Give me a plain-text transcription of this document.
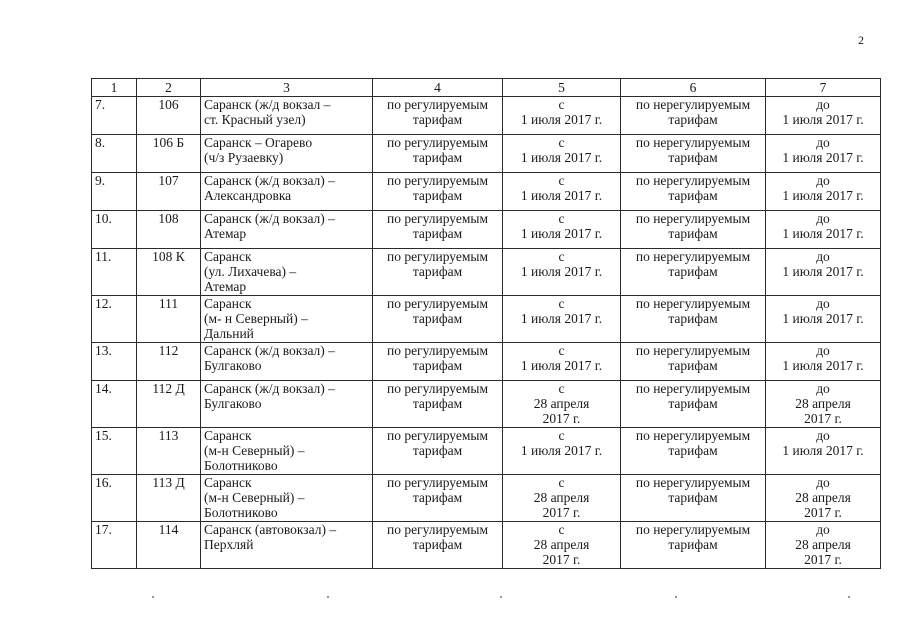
2
1	2	3	4	5	6	7
7.	106	Саранск (ж/д вокзал –
ст. Красный узел)	по регулируемым
тарифам	с
1 июля 2017 г.	по нерегулируемым
тарифам	до
1 июля 2017 г.

8.	106 Б	Саранск – Огарево
(ч/з Рузаевку)	по регулируемым
тарифам	с
1 июля 2017 г.	по нерегулируемым
тарифам	до
1 июля 2017 г.

9.	107	Саранск (ж/д вокзал) –
Александровка	по регулируемым
тарифам	с
1 июля 2017 г.	по нерегулируемым
тарифам	до
1 июля 2017 г.

10.	108	Саранск (ж/д вокзал) –
Атемар	по регулируемым
тарифам	с
1 июля 2017 г.	по нерегулируемым
тарифам	до
1 июля 2017 г.

11.	108 К	Саранск
(ул. Лихачева) –
Атемар	по регулируемым
тарифам	с
1 июля 2017 г.	по нерегулируемым
тарифам	до
1 июля 2017 г.

12.	111	Саранск
(м- н Северный) –
Дальний	по регулируемым
тарифам	с
1 июля 2017 г.	по нерегулируемым
тарифам	до
1 июля 2017 г.

13.	112	Саранск (ж/д вокзал) –
Булгаково	по регулируемым
тарифам	с
1 июля 2017 г.	по нерегулируемым
тарифам	до
1 июля 2017 г.

14.	112 Д	Саранск (ж/д вокзал) –
Булгаково	по регулируемым
тарифам	с
28 апреля
2017 г.	по нерегулируемым
тарифам	до
28 апреля
2017 г.

15.	113	Саранск
(м-н Северный) –
Болотниково	по регулируемым
тарифам	с
1 июля 2017 г.	по нерегулируемым
тарифам	до
1 июля 2017 г.

16.	113 Д	Саранск
(м-н Северный) –
Болотниково	по регулируемым
тарифам	с
28 апреля
2017 г.	по нерегулируемым
тарифам	до
28 апреля
2017 г.

17.	114	Саранск (автовокзал) –
Перхляй	по регулируемым
тарифам	с
28 апреля
2017 г.	по нерегулируемым
тарифам	до
28 апреля
2017 г.
